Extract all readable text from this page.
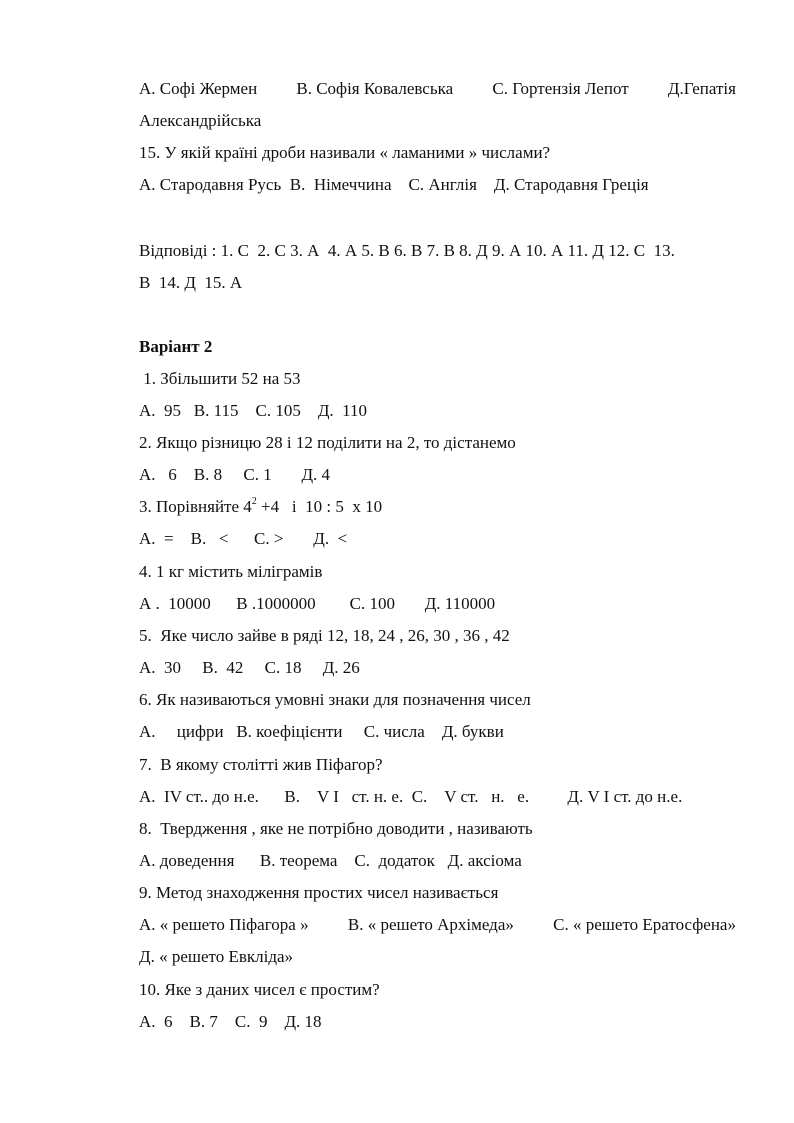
А. Софі Жермен В. Софія Ковалевська С. Гортензія Лепот Д.Гепатія
Александрійська
15. У якій країні дроби називали « ламаними » числами?
А. Стародавня Русь  В.  Німеччина    С. Англія    Д. Стародавня Греція
Відповіді : 1. С  2. С 3. А  4. А 5. В 6. В 7. В 8. Д 9. А 10. А 11. Д 12. С  13.
В  14. Д  15. А
Варіант 2
1. Збільшити 52 на 53
А.  95   В. 115    С. 105    Д.  110
2. Якщо різницю 28 і 12 поділити на 2, то дістанемо
А.   6    В. 8     С. 1       Д. 4
3. Порівняйте $4^2 +4$   і  10 : 5  х 10
А.  =    В.   <      С. >       Д.  <
4. 1 кг містить міліграмів
А .  10000      В .1000000        С. 100       Д. 110000
5.  Яке число зайве в ряді 12, 18, 24 , 26, 30 , 36 , 42
А.  30     В.  42     С. 18     Д. 26
6. Як називаються умовні знаки для позначення чисел
А.     цифри   В. коефіцієнти     С. числа    Д. букви
7.  В якому столітті жив Піфагор?
А.  IV ст.. до н.е.      В.    V І   ст. н. е.  С.    V ст.   н.   е.         Д. V І ст. до н.е.
8.  Твердження , яке не потрібно доводити , називають
А. доведення      В. теорема    С.  додаток   Д. аксіома
9. Метод знаходження простих чисел називається
А. « решето Піфагора » В. « решето Архімеда» С. « решето Ератосфена»
Д. « решето Евкліда»
10. Яке з даних чисел є простим?
А.  6    В. 7    С.  9    Д. 18
